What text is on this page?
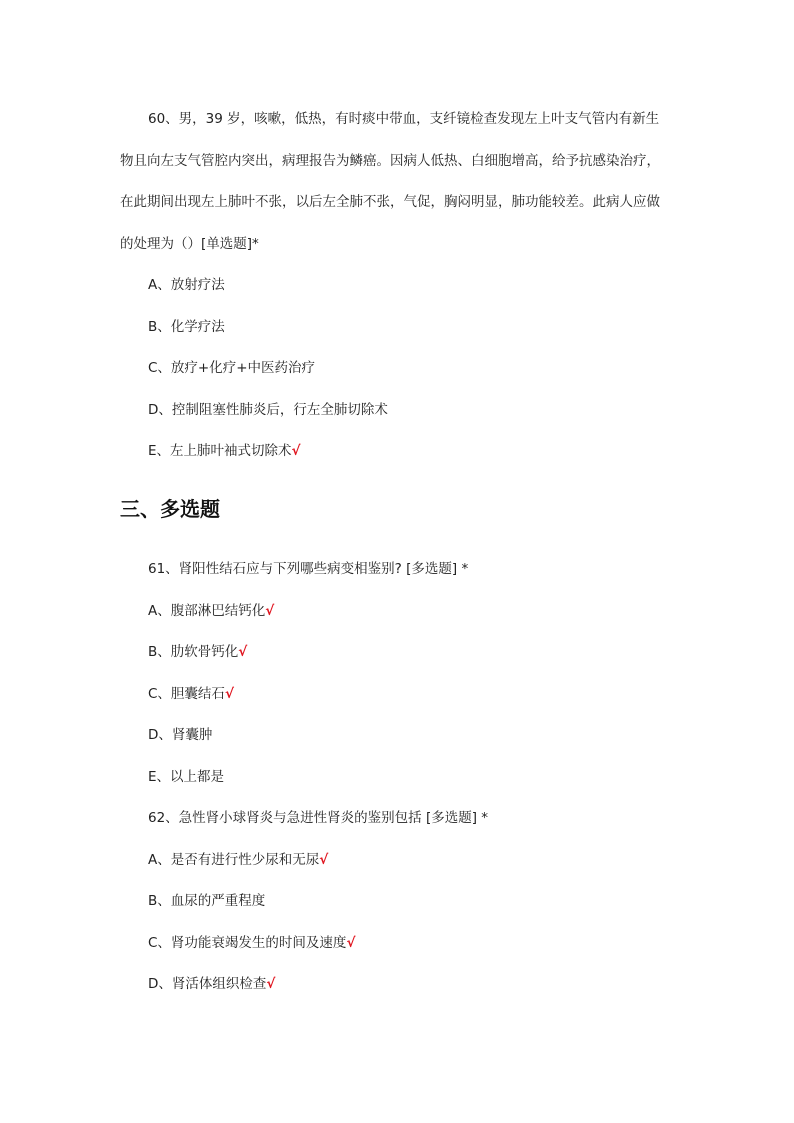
60、男，39 岁，咳嗽，低热，有时痰中带血，支纤镜检查发现左上叶支气管内有新生
物且向左支气管腔内突出，病理报告为鳞癌。因病人低热、白细胞增高，给予抗感染治疗，
在此期间出现左上肺叶不张，以后左全肺不张，气促，胸闷明显，肺功能较差。此病人应做
的处理为（）[单选题]*
A、放射疗法
B、化学疗法
C、放疗+化疗+中医药治疗
D、控制阻塞性肺炎后，行左全肺切除术
E、左上肺叶袖式切除术√
三、多选题
61、肾阳性结石应与下列哪些病变相鉴别? [多选题] *
A、腹部淋巴结钙化√
B、肋软骨钙化√
C、胆囊结石√
D、肾囊肿
E、以上都是
62、急性肾小球肾炎与急进性肾炎的鉴别包括 [多选题] *
A、是否有进行性少尿和无尿√
B、血尿的严重程度
C、肾功能衰竭发生的时间及速度√
D、肾活体组织检查√
